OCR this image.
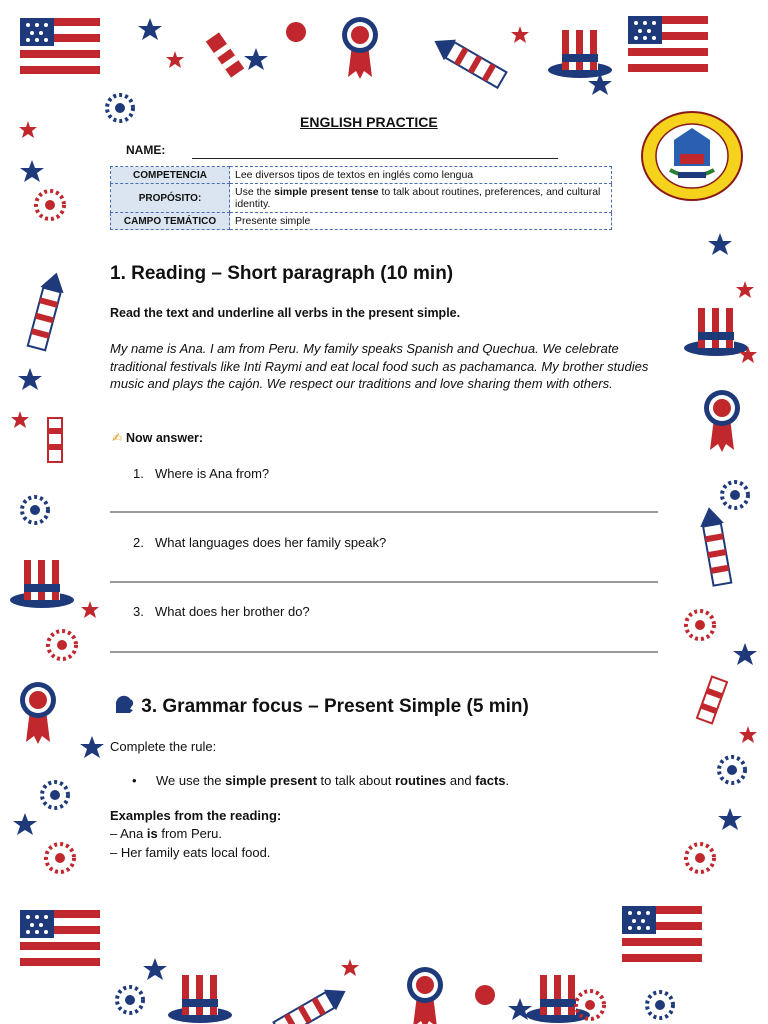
ENGLISH PRACTICE
NAME:
COMPETENCIA	Lee diversos tipos de textos en inglés como lengua
PROPÓSITO:	Use the simple present tense to talk about routines, preferences, and cultural identity.
CAMPO TEMÁTICO	Presente simple
1. Reading – Short paragraph (10 min)
Read the text and underline all verbs in the present simple.
My name is Ana. I am from Peru. My family speaks Spanish and Quechua. We celebrate traditional festivals like Inti Raymi and eat local food such as pachamanca. My brother studies music and plays the cajón. We respect our traditions and love sharing them with others.
✍ Now answer:
1. Where is Ana from?
2. What languages does her family speak?
3. What does her brother do?
3. Grammar focus – Present Simple (5 min)
Complete the rule:
• We use the simple present to talk about routines and facts.
Examples from the reading:
– Ana is from Peru.
– Her family eats local food.
